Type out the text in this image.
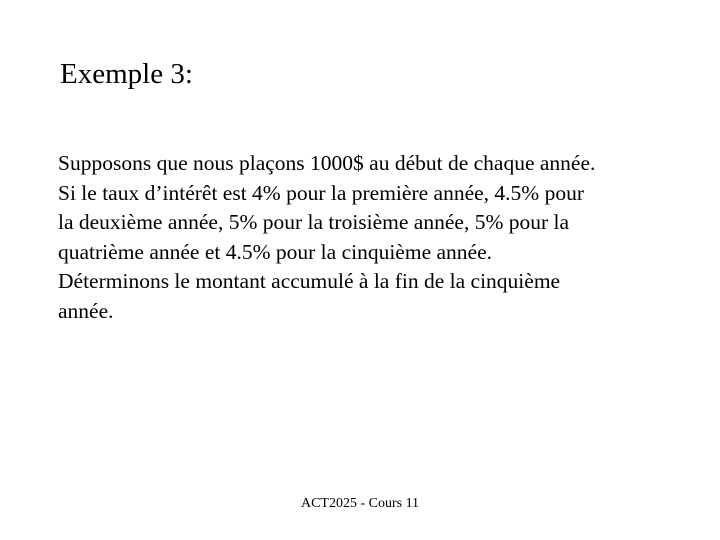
Exemple 3:

Supposons que nous plaçons 1000$ au début de chaque année.
Si le taux d’intérêt est 4% pour la première année, 4.5% pour
la deuxième année, 5% pour la troisième année, 5% pour la
quatrième année et 4.5% pour la cinquième année.
Déterminons le montant accumulé à la fin de la cinquième
année.

ACT2025 - Cours 11
